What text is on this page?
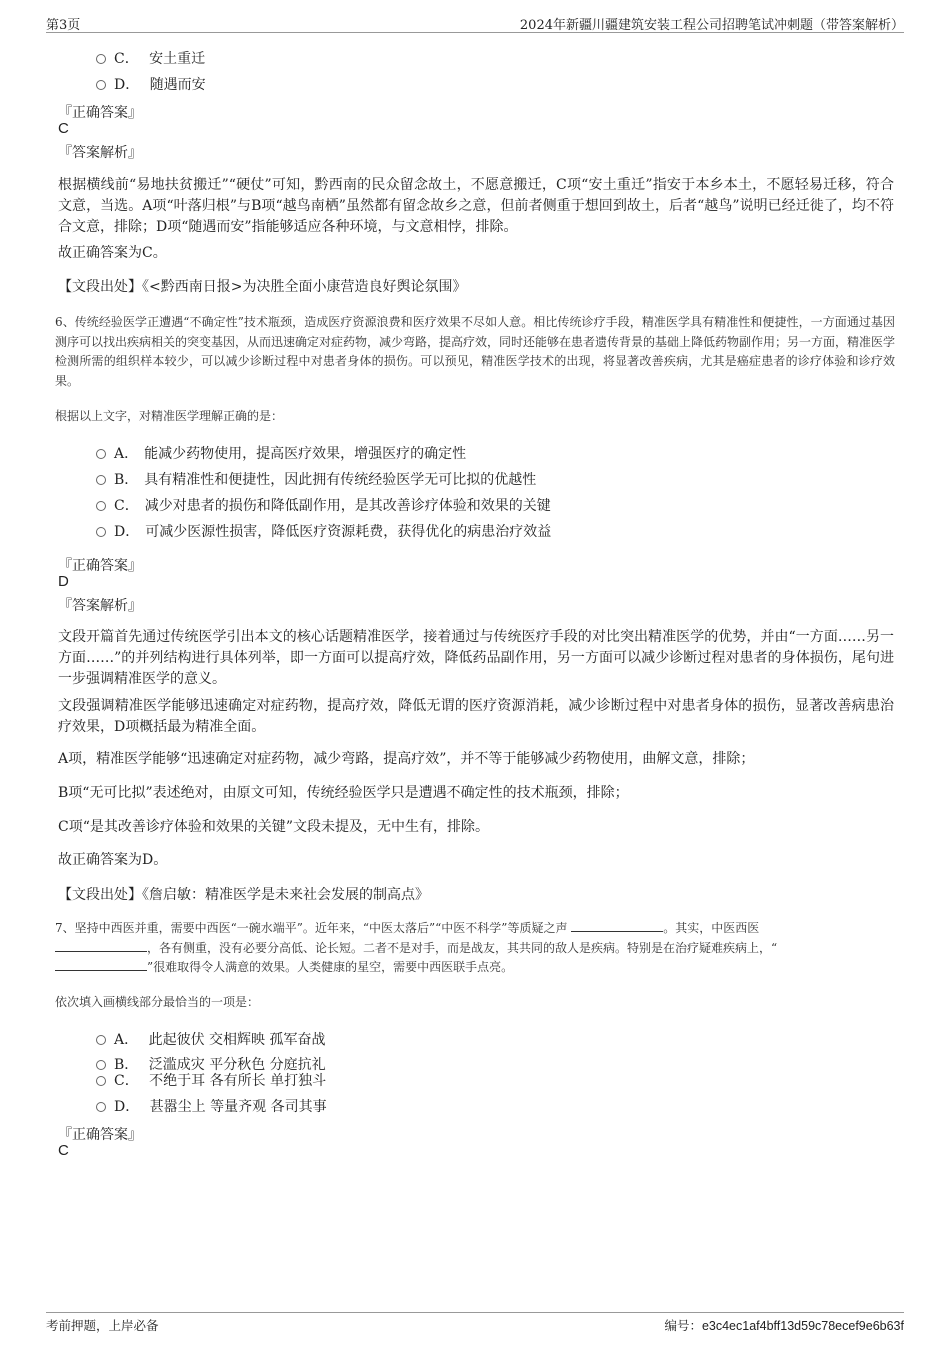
第3页	2024年新疆川疆建筑安装工程公司招聘笔试冲刺题（带答案解析）
C． 安土重迁
D． 随遇而安
『正确答案』
C
『答案解析』

根据横线前“易地扶贫搬迁”“硬仗”可知，黔西南的民众留念故土，不愿意搬迁，C项“安土重迁”指安于本乡本土，不愿轻易迁移，符合文意，当选。A项“叶落归根”与B项“越鸟南栖”虽然都有留念故乡之意，但前者侧重于想回到故土，后者“越鸟”说明已经迁徙了，均不符合文意，排除；D项“随遇而安”指能够适应各种环境，与文意相悖，排除。

故正确答案为C。

【文段出处】《<黔西南日报>为决胜全面小康营造良好舆论氛围》

6、传统经验医学正遭遇“不确定性”技术瓶颈，造成医疗资源浪费和医疗效果不尽如人意。相比传统诊疗手段，精准医学具有精准性和便捷性，一方面通过基因测序可以找出疾病相关的突变基因，从而迅速确定对症药物，减少弯路，提高疗效，同时还能够在患者遗传背景的基础上降低药物副作用；另一方面，精准医学检测所需的组织样本较少，可以减少诊断过程中对患者身体的损伤。可以预见，精准医学技术的出现，将显著改善疾病，尤其是癌症患者的诊疗体验和诊疗效果。

根据以上文字，对精准医学理解正确的是：

A． 能减少药物使用，提高医疗效果，增强医疗的确定性
B． 具有精准性和便捷性，因此拥有传统经验医学无可比拟的优越性
C． 减少对患者的损伤和降低副作用，是其改善诊疗体验和效果的关键
D． 可减少医源性损害，降低医疗资源耗费，获得优化的病患治疗效益
『正确答案』
D
『答案解析』

文段开篇首先通过传统医学引出本文的核心话题精准医学，接着通过与传统医疗手段的对比突出精准医学的优势，并由“一方面……另一方面……”的并列结构进行具体列举，即一方面可以提高疗效，降低药品副作用，另一方面可以减少诊断过程对患者的身体损伤，尾句进一步强调精准医学的意义。

文段强调精准医学能够迅速确定对症药物，提高疗效，降低无谓的医疗资源消耗，减少诊断过程中对患者身体的损伤，显著改善病患治疗效果，D项概括最为精准全面。

A项，精准医学能够“迅速确定对症药物，减少弯路，提高疗效”，并不等于能够减少药物使用，曲解文意，排除；

B项“无可比拟”表述绝对，由原文可知，传统经验医学只是遭遇不确定性的技术瓶颈，排除；

C项“是其改善诊疗体验和效果的关键”文段未提及，无中生有，排除。

故正确答案为D。

【文段出处】《詹启敏：精准医学是未来社会发展的制高点》

7、坚持中西医并重，需要中西医“一碗水端平”。近年来，“中医太落后”“中医不科学”等质疑之声	。其实，中医西医
，各有侧重，没有必要分高低、论长短。二者不是对手，而是战友，其共同的敌人是疾病。特别是在治疗疑难疾病上，“
”很难取得令人满意的效果。人类健康的星空，需要中西医联手点亮。

依次填入画横线部分最恰当的一项是：

A． 此起彼伏 交相辉映 孤军奋战
B． 泛滥成灾 平分秋色 分庭抗礼
C． 不绝于耳 各有所长 单打独斗
D． 甚嚣尘上 等量齐观 各司其事
『正确答案』
C
考前押题，上岸必备	编号：e3c4ec1af4bff13d59c78ecef9e6b63f
